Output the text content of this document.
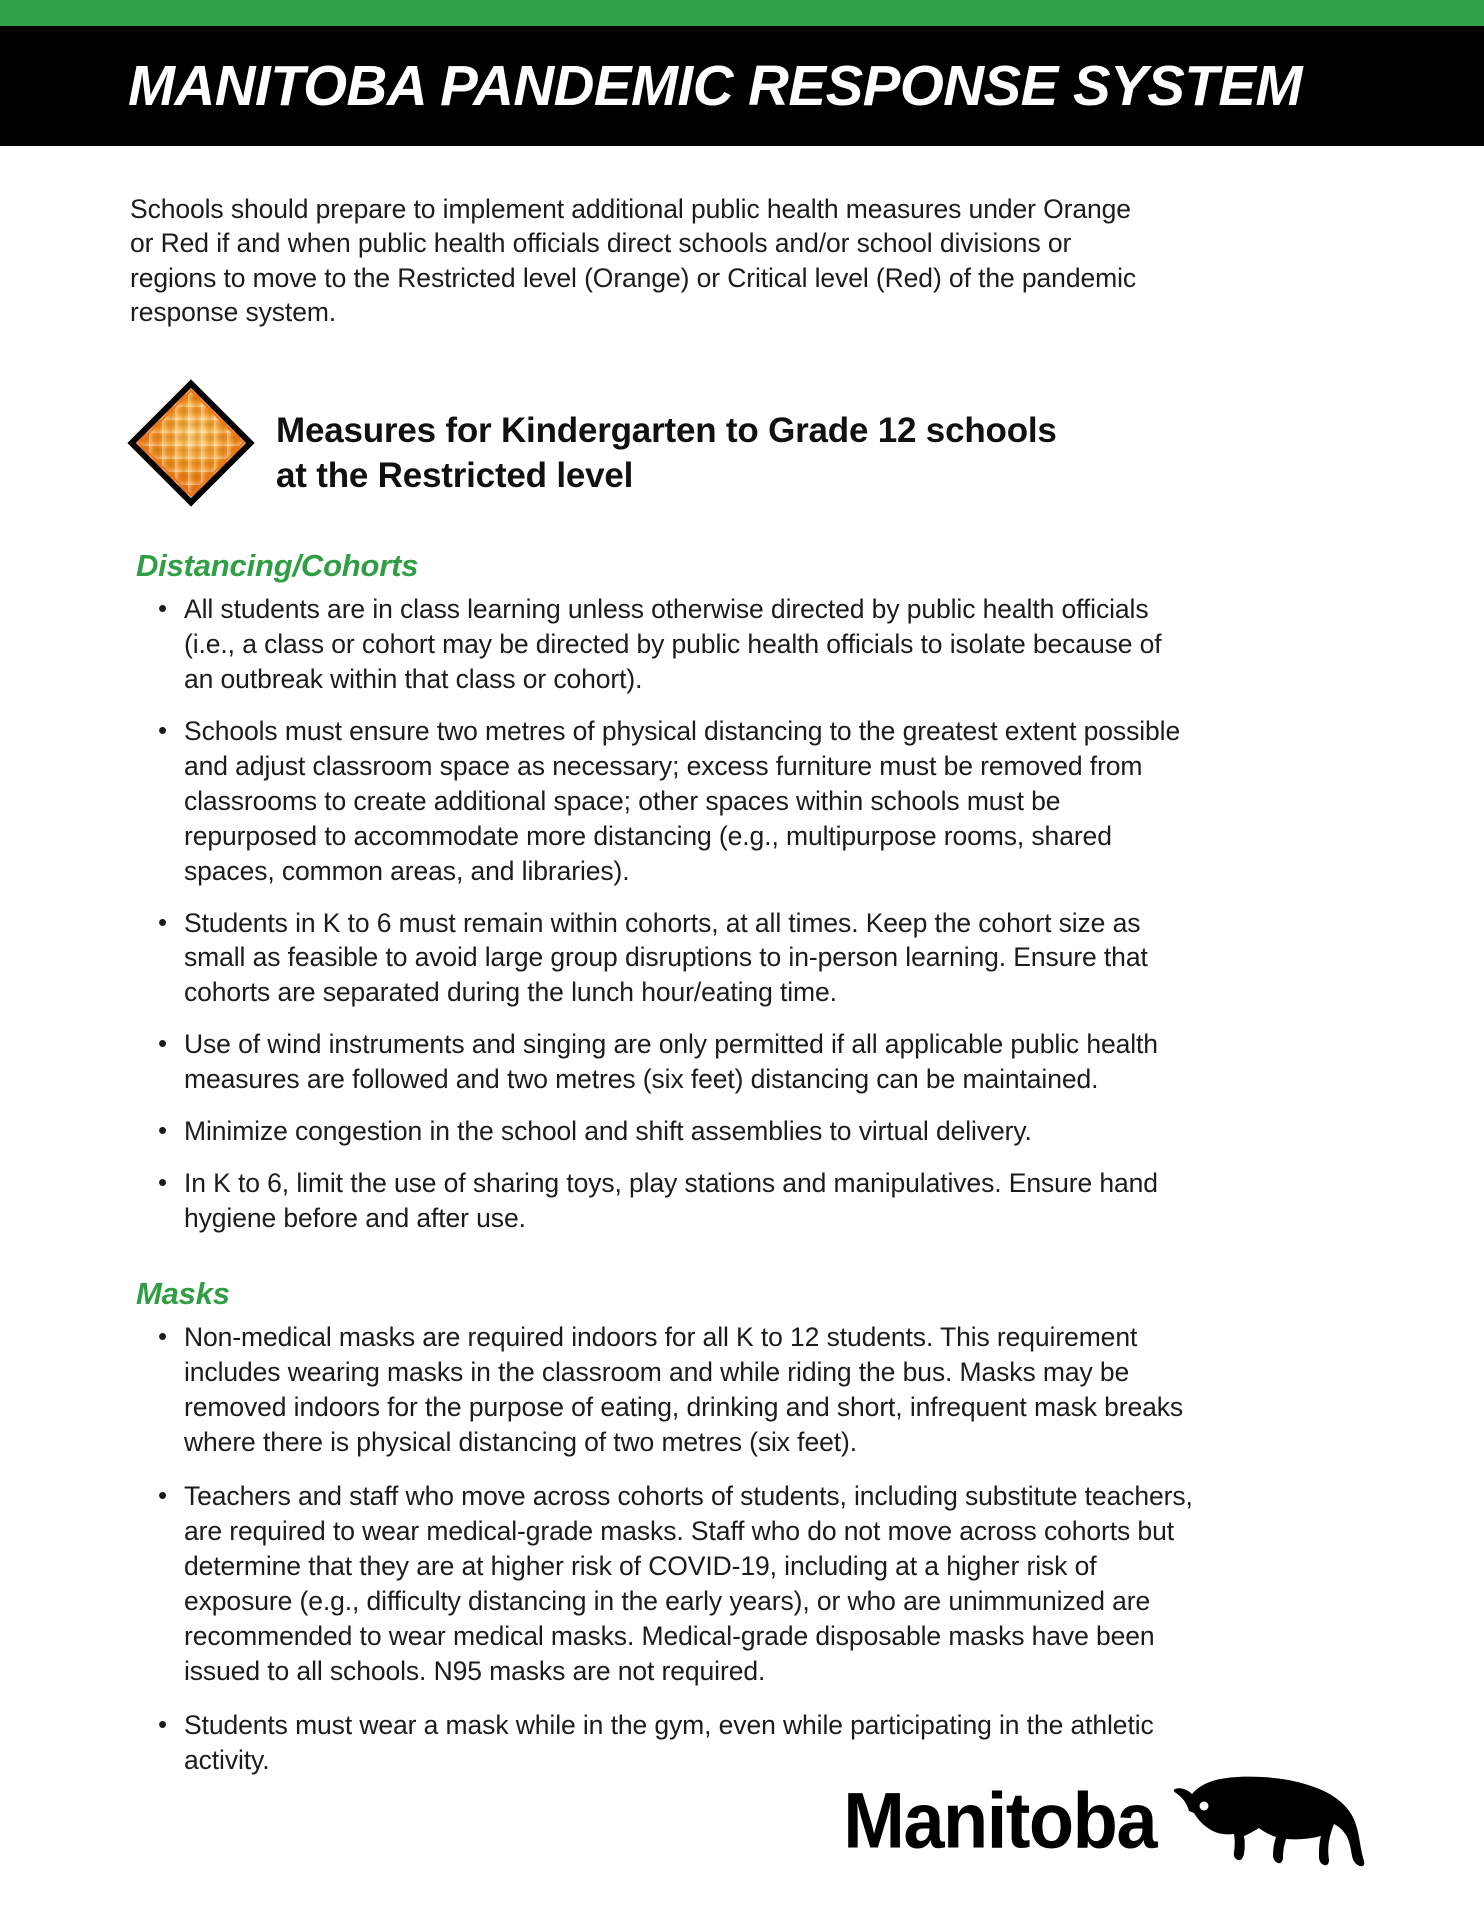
MANITOBA PANDEMIC RESPONSE SYSTEM

Schools should prepare to implement additional public health measures under Orange or Red if and when public health officials direct schools and/or school divisions or regions to move to the Restricted level (Orange) or Critical level (Red) of the pandemic response system.

Measures for Kindergarten to Grade 12 schools
at the Restricted level
Distancing/Cohorts
• All students are in class learning unless otherwise directed by public health officials (i.e., a class or cohort may be directed by public health officials to isolate because of an outbreak within that class or cohort).
• Schools must ensure two metres of physical distancing to the greatest extent possible and adjust classroom space as necessary; excess furniture must be removed from classrooms to create additional space; other spaces within schools must be repurposed to accommodate more distancing (e.g., multipurpose rooms, shared spaces, common areas, and libraries).
• Students in K to 6 must remain within cohorts, at all times. Keep the cohort size as small as feasible to avoid large group disruptions to in-person learning. Ensure that cohorts are separated during the lunch hour/eating time.
• Use of wind instruments and singing are only permitted if all applicable public health measures are followed and two metres (six feet) distancing can be maintained.
• Minimize congestion in the school and shift assemblies to virtual delivery.
• In K to 6, limit the use of sharing toys, play stations and manipulatives. Ensure hand hygiene before and after use.
Masks
• Non-medical masks are required indoors for all K to 12 students. This requirement includes wearing masks in the classroom and while riding the bus. Masks may be removed indoors for the purpose of eating, drinking and short, infrequent mask breaks where there is physical distancing of two metres (six feet).
• Teachers and staff who move across cohorts of students, including substitute teachers, are required to wear medical-grade masks. Staff who do not move across cohorts but determine that they are at higher risk of COVID-19, including at a higher risk of exposure (e.g., difficulty distancing in the early years), or who are unimmunized are recommended to wear medical masks. Medical-grade disposable masks have been issued to all schools. N95 masks are not required.
• Students must wear a mask while in the gym, even while participating in the athletic activity.
Manitoba
